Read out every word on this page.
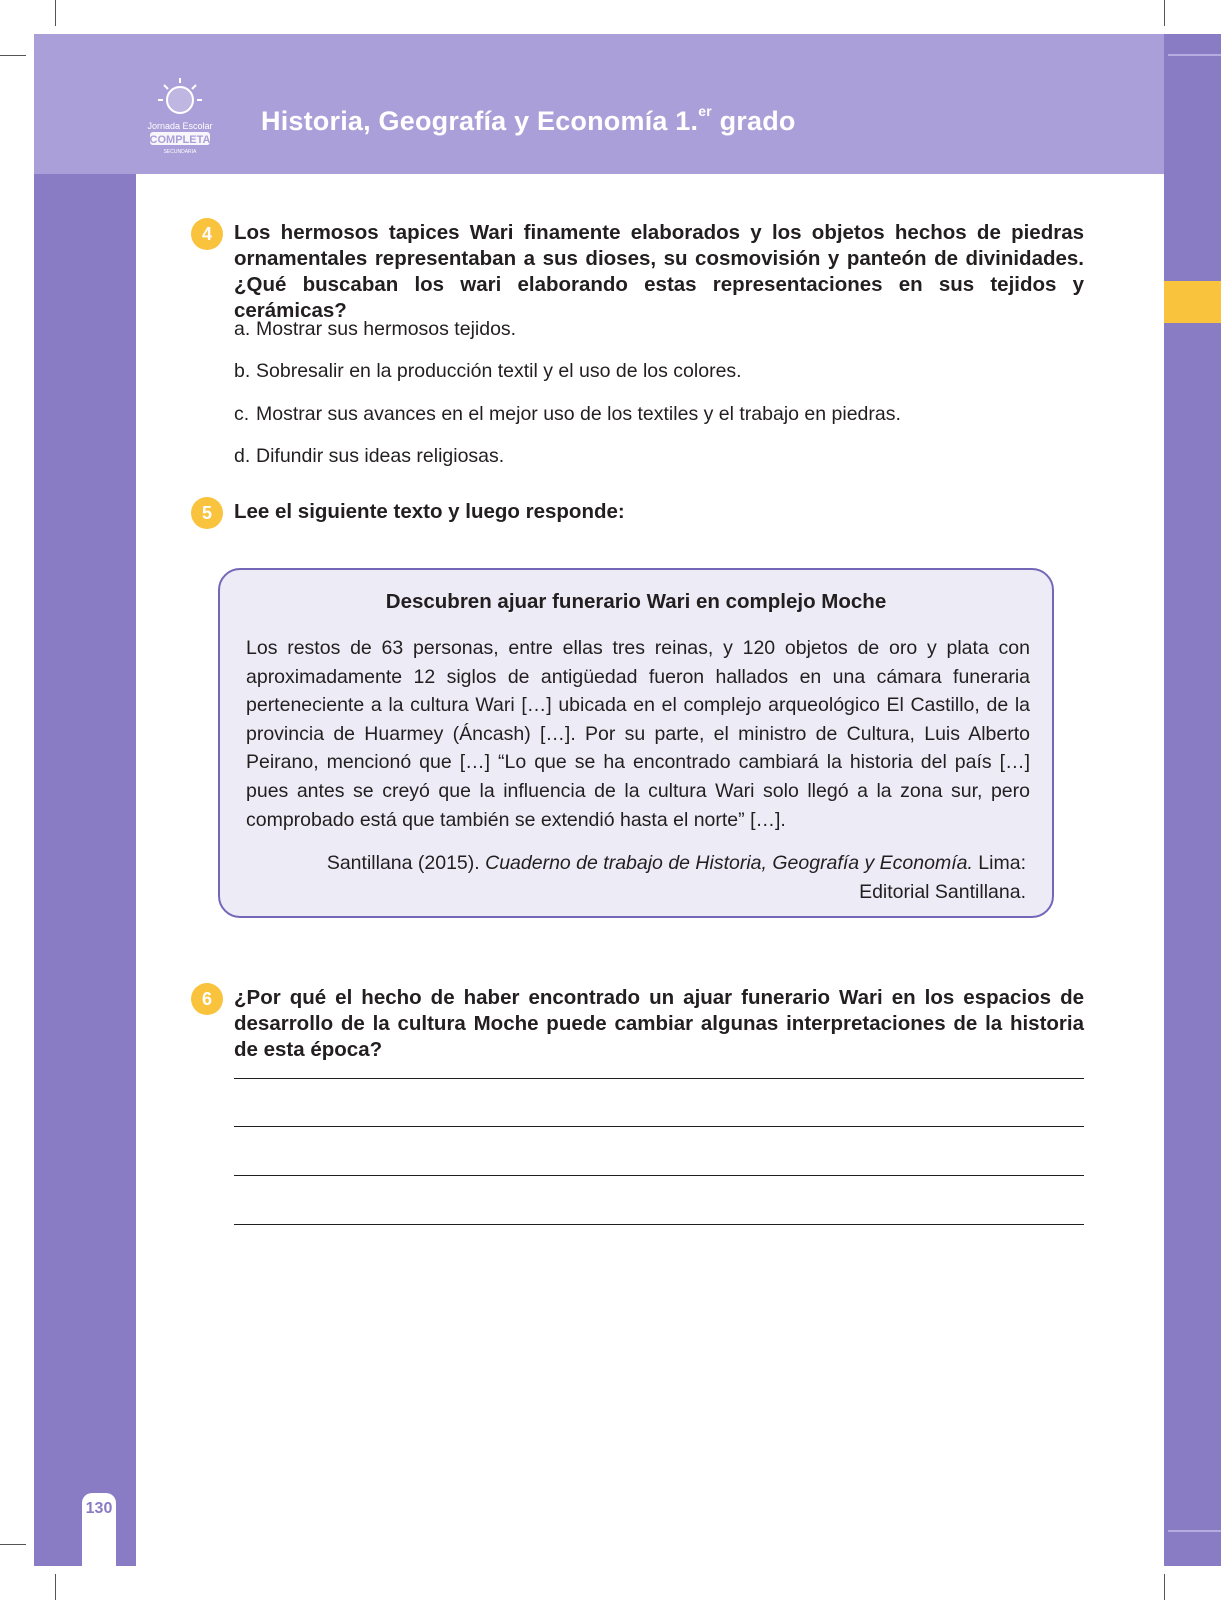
Jornada Escolar
COMPLETA
SECUNDARIA
Historia, Geografía y Economía 1.$^{er}$ grado
4	Los hermosos tapices Wari finamente elaborados y los objetos hechos de piedras ornamentales representaban a sus dioses, su cosmovisión y panteón de divinidades. ¿Qué buscaban los wari elaborando estas representaciones en sus tejidos y cerámicas?
a. Mostrar sus hermosos tejidos.
b. Sobresalir en la producción textil y el uso de los colores.
c. Mostrar sus avances en el mejor uso de los textiles y el trabajo en piedras.
d. Difundir sus ideas religiosas.
5	Lee el siguiente texto y luego responde:
Descubren ajuar funerario Wari en complejo Moche
Los restos de 63 personas, entre ellas tres reinas, y 120 objetos de oro y plata con aproximadamente 12 siglos de antigüedad fueron hallados en una cámara funeraria perteneciente a la cultura Wari […] ubicada en el complejo arqueológico El Castillo, de la provincia de Huarmey (Áncash) […]. Por su parte, el ministro de Cultura, Luis Alberto Peirano, mencionó que […] “Lo que se ha encontrado cambiará la historia del país […] pues antes se creyó que la influencia de la cultura Wari solo llegó a la zona sur, pero comprobado está que también se extendió hasta el norte” […].
Santillana (2015). Cuaderno de trabajo de Historia, Geografía y Economía. Lima: Editorial Santillana.
6	¿Por qué el hecho de haber encontrado un ajuar funerario Wari en los espacios de desarrollo de la cultura Moche puede cambiar algunas interpretaciones de la historia de esta época?
130
